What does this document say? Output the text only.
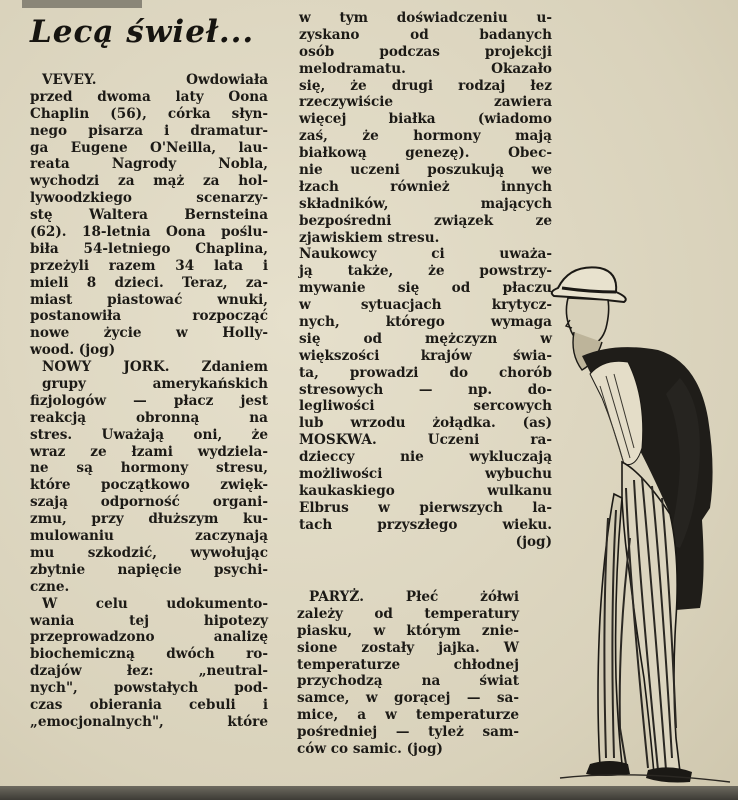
Lecą świeł...
VEVEY. Owdowiała
przed dwoma laty Oona
Chaplin (56), córka słyn-
nego pisarza i dramatur-
ga Eugene O'Neilla, lau-
reata Nagrody Nobla,
wychodzi za mąż za hol-
lywoodzkiego scenarzy-
stę Waltera Bernsteina
(62). 18-letnia Oona poślu-
biła 54-letniego Chaplina,
przeżyli razem 34 lata i
mieli 8 dzieci. Teraz, za-
miast piastować wnuki,
postanowiła rozpocząć
nowe życie w Holly-
wood. (jog)
NOWY JORK. Zdaniem
grupy amerykańskich
fizjologów — płacz jest
reakcją obronną na
stres. Uważają oni, że
wraz ze łzami wydziela-
ne są hormony stresu,
które początkowo zwięk-
szają odporność organi-
zmu, przy dłuższym ku-
mulowaniu zaczynają
mu szkodzić, wywołując
zbytnie napięcie psychi-
czne.
W celu udokumento-
wania tej hipotezy
przeprowadzono analizę
biochemiczną dwóch ro-
dzajów łez: „neutral-
nych", powstałych pod-
czas obierania cebuli i
„emocjonalnych", które
w tym doświadczeniu u-
zyskano od badanych
osób podczas projekcji
melodramatu. Okazało
się, że drugi rodzaj łez
rzeczywiście zawiera
więcej białka (wiadomo
zaś, że hormony mają
białkową genezę). Obec-
nie uczeni poszukują we
łzach również innych
składników, mających
bezpośredni związek ze
zjawiskiem stresu.
Naukowcy ci uważa-
ją także, że powstrzy-
mywanie się od płaczu
w sytuacjach krytycz-
nych, którego wymaga
się od mężczyzn w
większości krajów świa-
ta, prowadzi do chorób
stresowych — np. do-
legliwości sercowych
lub wrzodu żołądka. (as)
MOSKWA. Uczeni ra-
dzieccy nie wykluczają
możliwości wybuchu
kaukaskiego wulkanu
Elbrus w pierwszych la-
tach przyszłego wieku.
(jog)
PARYŻ. Płeć żółwi
zależy od temperatury
piasku, w którym znie-
sione zostały jajka. W
temperaturze chłodnej
przychodzą na świat
samce, w gorącej — sa-
mice, a w temperaturze
pośredniej — tyleż sam-
ców co samic. (jog)
